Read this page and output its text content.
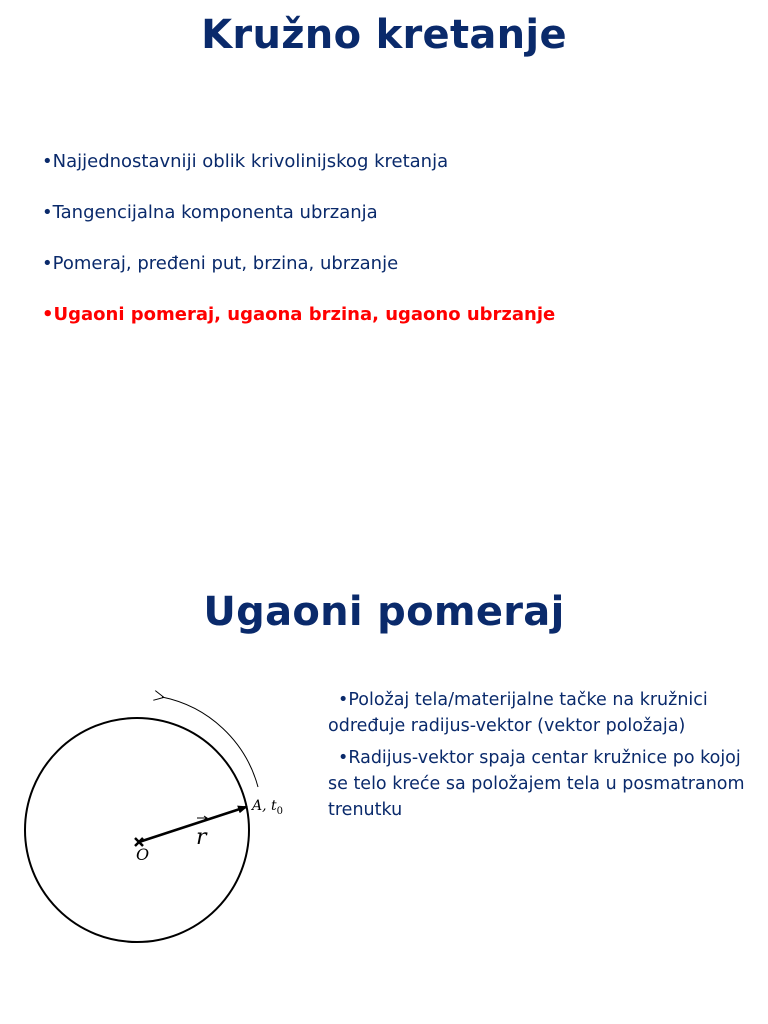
Kružno kretanje
•Najjednostavniji oblik krivolinijskog kretanja
•Tangencijalna komponenta ubrzanja
•Pomeraj, pređeni put, brzina, ubrzanje
•Ugaoni pomeraj, ugaona brzina, ugaono ubrzanje
Ugaoni pomeraj
O
r
A, $t_0$
•Položaj tela/materijalne tačke na kružnici određuje radijus-vektor (vektor položaja)
•Radijus-vektor spaja centar kružnice po kojoj se telo kreće sa položajem tela u posmatranom trenutku
